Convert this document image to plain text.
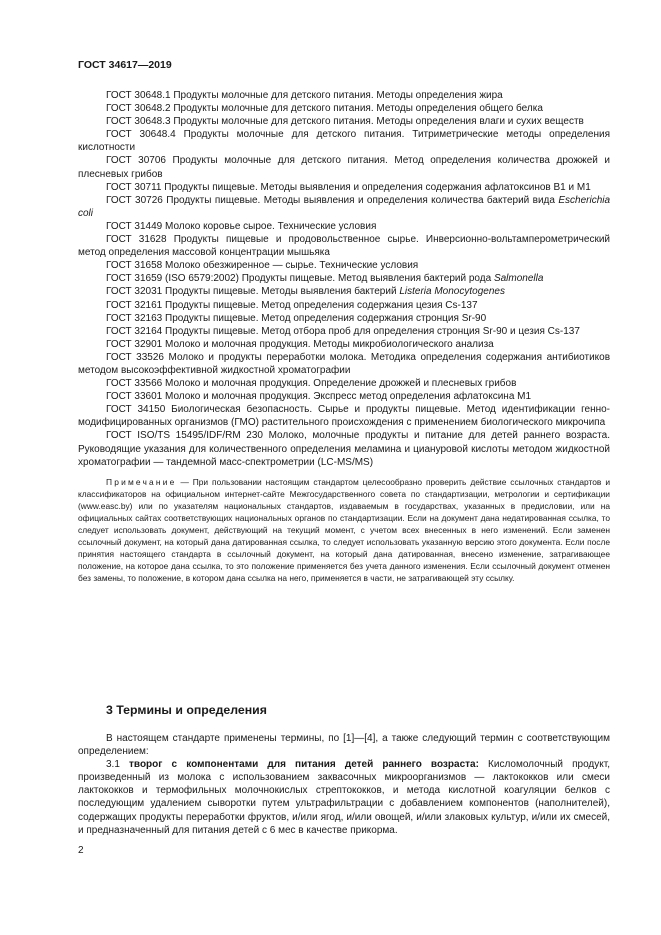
ГОСТ 34617—2019

ГОСТ 30648.1 Продукты молочные для детского питания. Методы определения жира

ГОСТ 30648.2 Продукты молочные для детского питания. Методы определения общего белка

ГОСТ 30648.3 Продукты молочные для детского питания. Методы определения влаги и сухих веществ

ГОСТ 30648.4 Продукты молочные для детского питания. Титриметрические методы определения кислотности

ГОСТ 30706 Продукты молочные для детского питания. Метод определения количества дрожжей и плесневых грибов

ГОСТ 30711 Продукты пищевые. Методы выявления и определения содержания афлатоксинов В1 и М1

ГОСТ 30726 Продукты пищевые. Методы выявления и определения количества бактерий вида Escherichia coli

ГОСТ 31449 Молоко коровье сырое. Технические условия

ГОСТ 31628 Продукты пищевые и продовольственное сырье. Инверсионно-вольтамперометрический метод определения массовой концентрации мышьяка

ГОСТ 31658 Молоко обезжиренное — сырье. Технические условия

ГОСТ 31659 (ISO 6579:2002) Продукты пищевые. Метод выявления бактерий рода Salmonella

ГОСТ 32031 Продукты пищевые. Методы выявления бактерий Listeria Monocytogenes

ГОСТ 32161 Продукты пищевые. Метод определения содержания цезия Cs-137

ГОСТ 32163 Продукты пищевые. Метод определения содержания стронция Sr-90

ГОСТ 32164 Продукты пищевые. Метод отбора проб для определения стронция Sr-90 и цезия Cs-137

ГОСТ 32901 Молоко и молочная продукция. Методы микробиологического анализа

ГОСТ 33526 Молоко и продукты переработки молока. Методика определения содержания антибиотиков методом высокоэффективной жидкостной хроматографии

ГОСТ 33566 Молоко и молочная продукция. Определение дрожжей и плесневых грибов

ГОСТ 33601 Молоко и молочная продукция. Экспресс метод определения афлатоксина М1

ГОСТ 34150 Биологическая безопасность. Сырье и продукты пищевые. Метод идентификации генно-модифицированных организмов (ГМО) растительного происхождения с применением биологического микрочипа

ГОСТ ISO/TS 15495/IDF/RM 230 Молоко, молочные продукты и питание для детей раннего возраста. Руководящие указания для количественного определения меламина и циануровой кислоты методом жидкостной хроматографии — тандемной масс-спектрометрии (LC-MS/MS)

Примечание — При пользовании настоящим стандартом целесообразно проверить действие ссылочных стандартов и классификаторов на официальном интернет-сайте Межгосударственного совета по стандартизации, метрологии и сертификации (www.easc.by) или по указателям национальных стандартов, издаваемым в государствах, указанных в предисловии, или на официальных сайтах соответствующих национальных органов по стандартизации. Если на документ дана недатированная ссылка, то следует использовать документ, действующий на текущий момент, с учетом всех внесенных в него изменений. Если заменен ссылочный документ, на который дана датированная ссылка, то следует использовать указанную версию этого документа. Если после принятия настоящего стандарта в ссылочный документ, на который дана датированная, внесено изменение, затрагивающее положение, на которое дана ссылка, то это положение применяется без учета данного изменения. Если ссылочный документ отменен без замены, то положение, в котором дана ссылка на него, применяется в части, не затрагивающей эту ссылку.

3 Термины и определения

В настоящем стандарте применены термины, по [1]—[4], а также следующий термин с соответствующим определением:

3.1 творог с компонентами для питания детей раннего возраста: Кисломолочный продукт, произведенный из молока с использованием заквасочных микроорганизмов — лактококков или смеси лактококков и термофильных молочнокислых стрептококков, и метода кислотной коагуляции белков с последующим удалением сыворотки путем ультрафильтрации с добавлением компонентов (наполнителей), содержащих продукты переработки фруктов, и/или ягод, и/или овощей, и/или злаковых культур, и/или их смесей, и предназначенный для питания детей с 6 мес в качестве прикорма.

2
